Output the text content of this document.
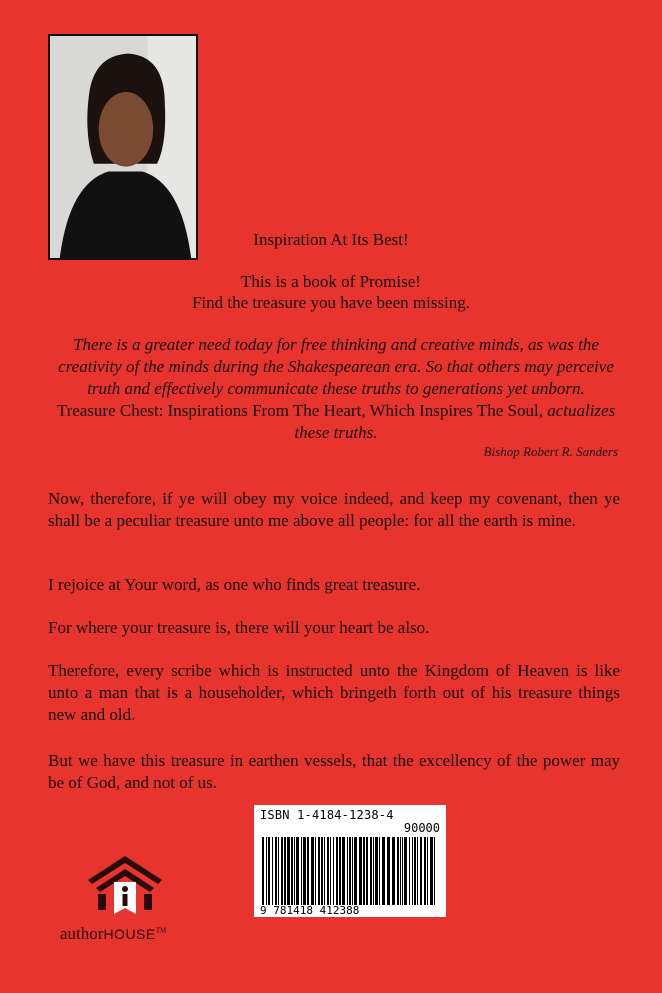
Inspiration At Its Best!
This is a book of Promise!
Find the treasure you have been missing.
There is a greater need today for free thinking and creative minds, as was the creativity of the minds during the Shakespearean era. So that others may perceive truth and effectively communicate these truths to generations yet unborn. Treasure Chest: Inspirations From The Heart, Which Inspires The Soul, actualizes these truths.
Bishop Robert R. Sanders
Now, therefore, if ye will obey my voice indeed, and keep my covenant, then ye shall be a peculiar treasure unto me above all people: for all the earth is mine.
I rejoice at Your word, as one who finds great treasure.
For where your treasure is, there will your heart be also.
Therefore, every scribe which is instructed unto the Kingdom of Heaven is like unto a man that is a householder, which bringeth forth out of his treasure things new and old.
But we have this treasure in earthen vessels, that the excellency of the power may be of God, and not of us.
ISBN 1-4184-1238-4
90000
9 781418 412388
authorHOUSE™
